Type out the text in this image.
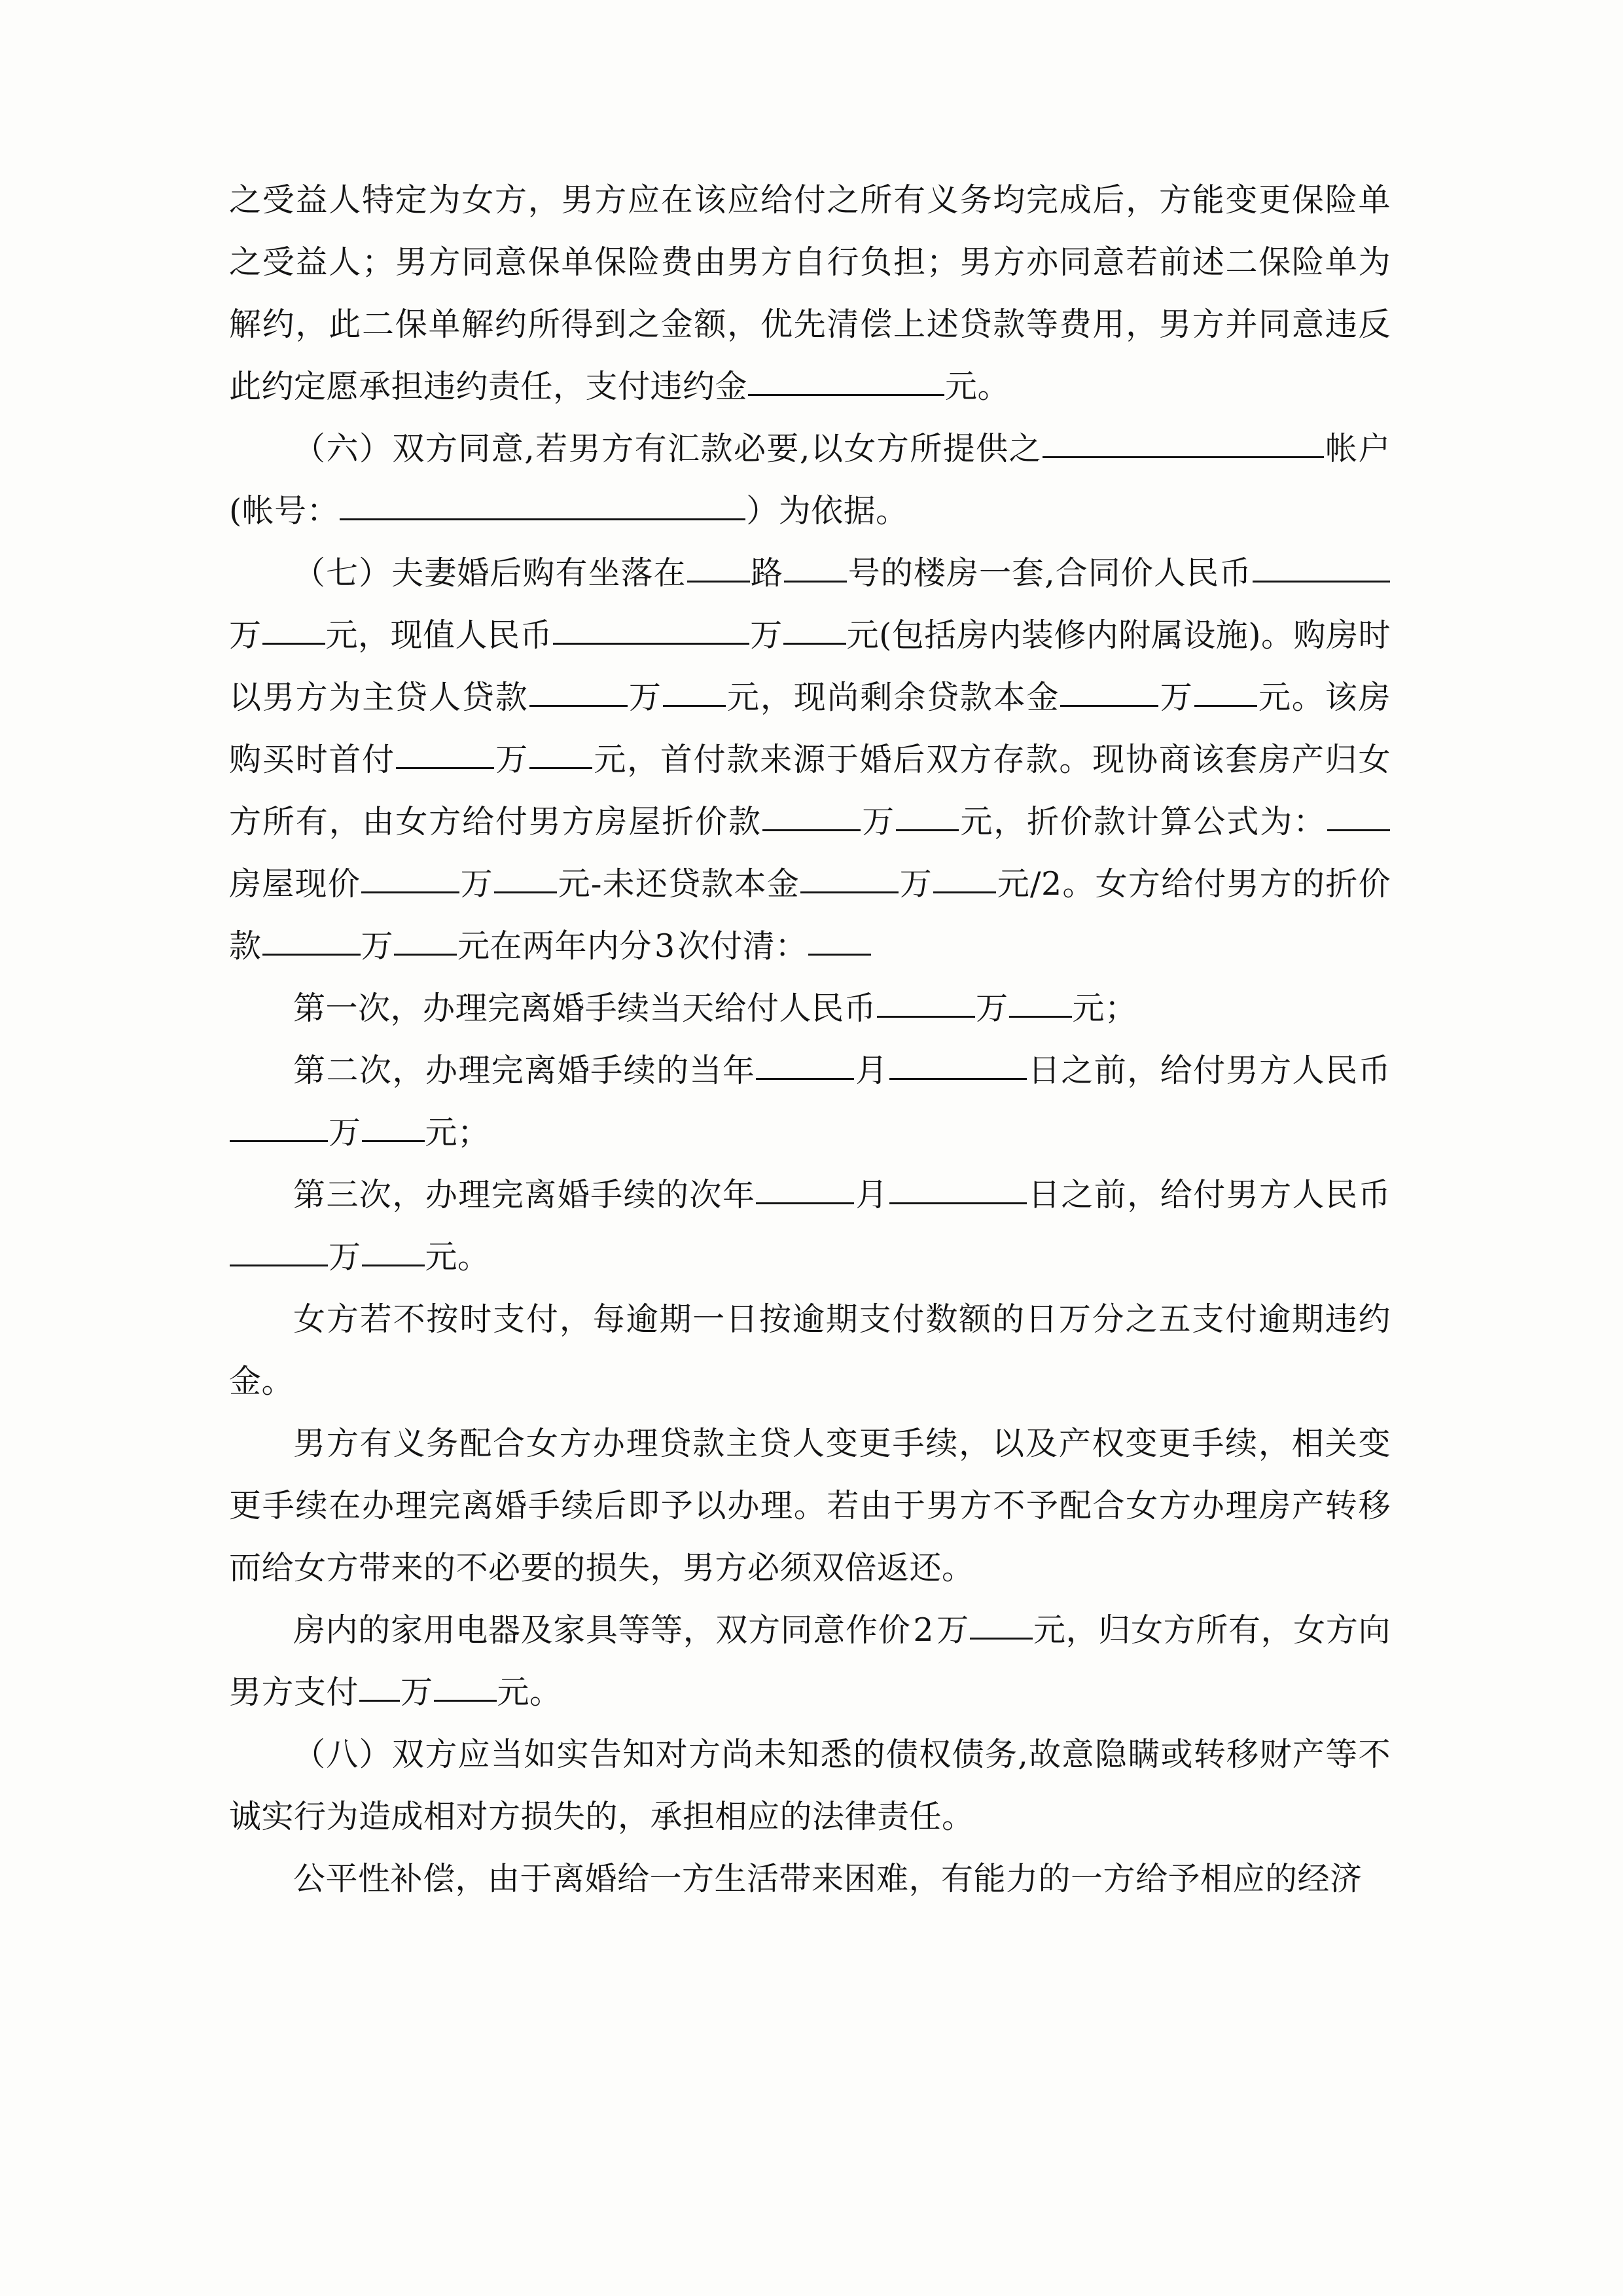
之受益人特定为女方，男方应在该应给付之所有义务均完成后，方能变更保险单之受益人；男方同意保单保险费由男方自行负担；男方亦同意若前述二保险单为解约，此二保单解约所得到之金额，优先清偿上述贷款等费用，男方并同意违反此约定愿承担违约责任，支付违约金	元。

（六）双方同意,若男方有汇款必要,以女方所提供之	帐户(帐号：	）为依据。

（七）夫妻婚后购有坐落在 路 号的楼房一套,合同价人民币万 元，现值人民币	万 元(包括房内装修内附属设施)。购房时以男方为主贷人贷款	万 元，现尚剩余贷款本金	万 元。该房购买时首付	万 元，首付款来源于婚后双方存款。现协商该套房产归女方所有，由女方给付男方房屋折价款	万 元，折价款计算公式为：房屋现价	万 元-未还贷款本金	万 元/2。女方给付男方的折价款	万 元在两年内分3次付清：

第一次，办理完离婚手续当天给付人民币	万 元；

第二次，办理完离婚手续的当年	月	日之前，给付男方人民币万 元；

第三次，办理完离婚手续的次年	月	日之前，给付男方人民币万 元。

女方若不按时支付，每逾期一日按逾期支付数额的日万分之五支付逾期违约金。

男方有义务配合女方办理贷款主贷人变更手续，以及产权变更手续，相关变更手续在办理完离婚手续后即予以办理。若由于男方不予配合女方办理房产转移而给女方带来的不必要的损失，男方必须双倍返还。

房内的家用电器及家具等等，双方同意作价2万 元，归女方所有，女方向男方支付 万 元。

（八）双方应当如实告知对方尚未知悉的债权债务,故意隐瞒或转移财产等不诚实行为造成相对方损失的，承担相应的法律责任。

公平性补偿，由于离婚给一方生活带来困难，有能力的一方给予相应的经济
